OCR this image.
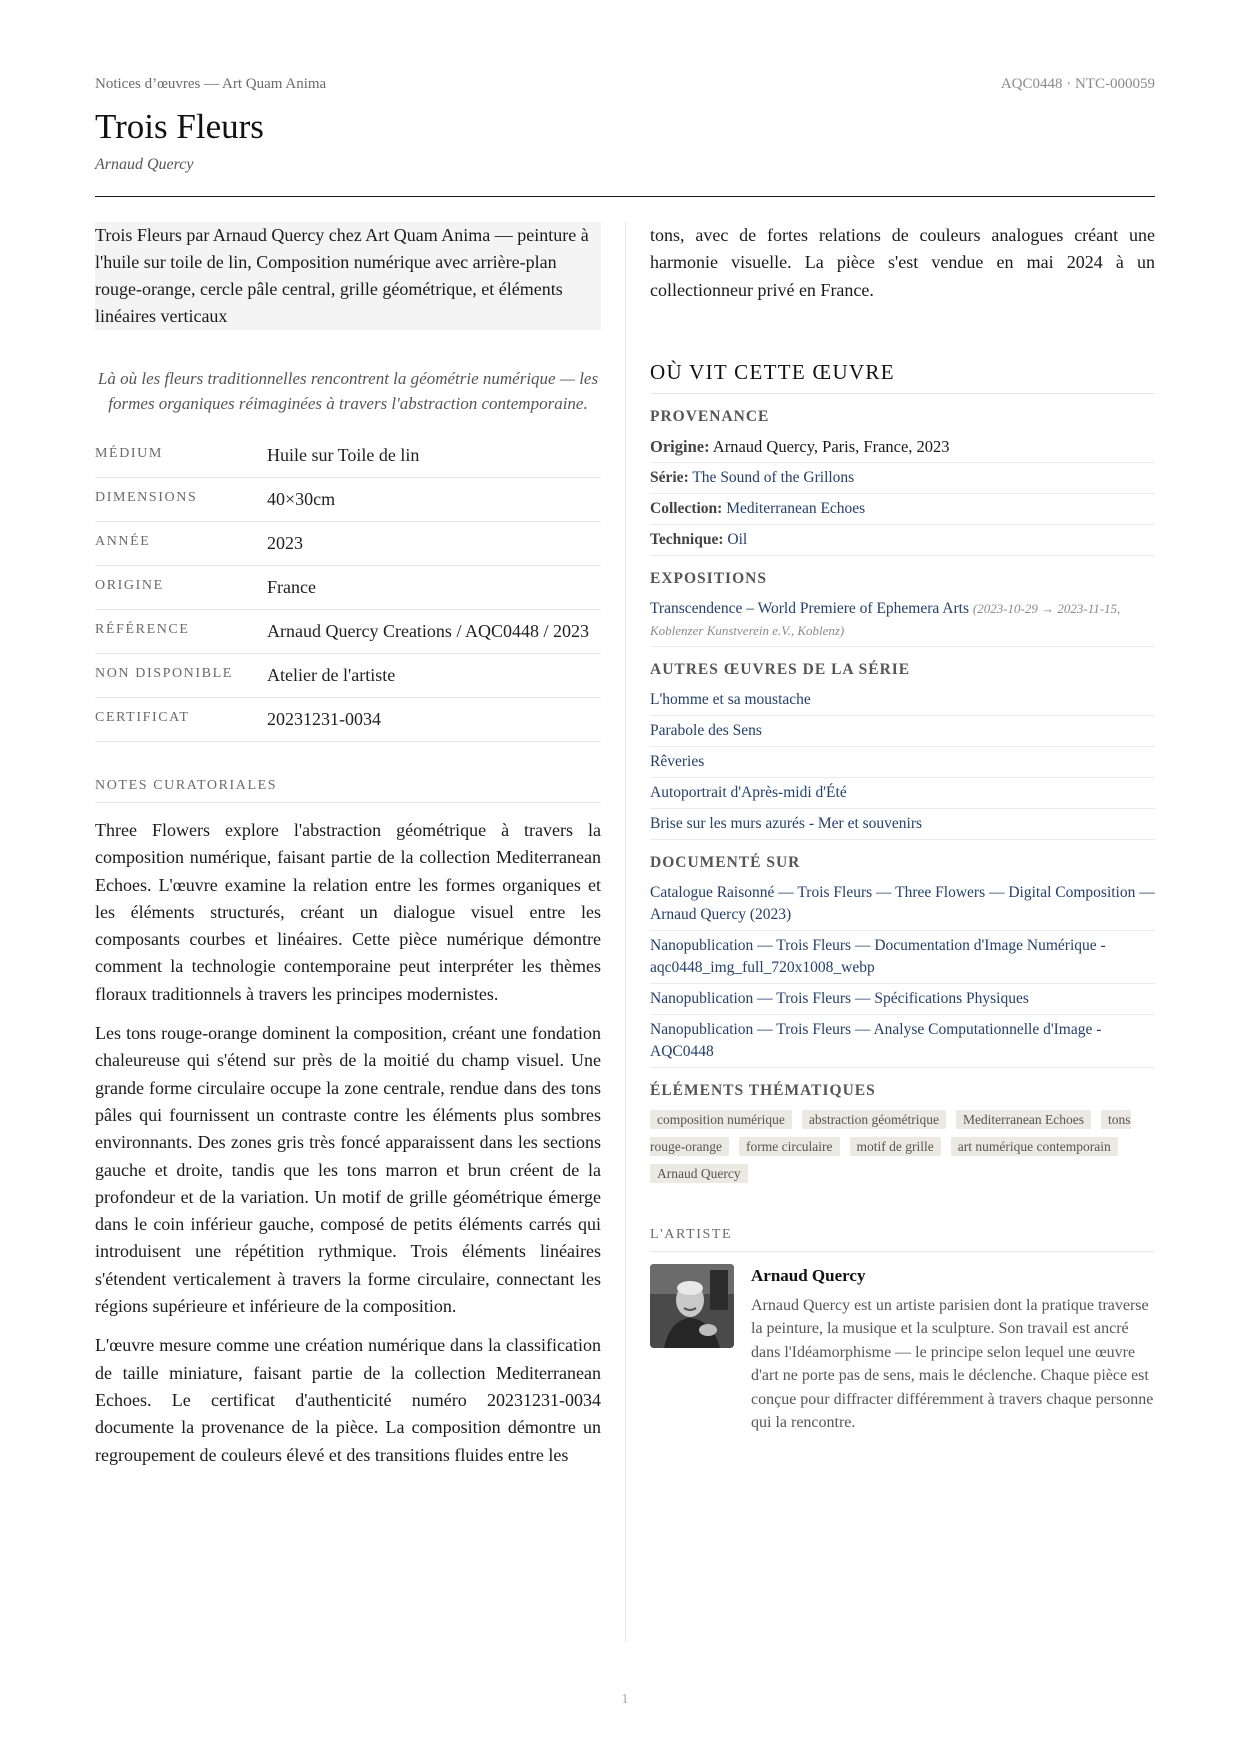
Notices d’œuvres — Art Quam Anima	AQC0448 · NTC-000059
Trois Fleurs
Arnaud Quercy

Trois Fleurs par Arnaud Quercy chez Art Quam Anima — peinture à l'huile sur toile de lin, Composition numérique avec arrière-plan rouge-orange, cercle pâle central, grille géométrique, et éléments linéaires verticaux

Là où les fleurs traditionnelles rencontrent la géométrie numérique — les formes organiques réimaginées à travers l'abstraction contemporaine.
MÉDIUM	Huile sur Toile de lin
DIMENSIONS	40×30cm
ANNÉE	2023
ORIGINE	France
RÉFÉRENCE	Arnaud Quercy Creations / AQC0448 / 2023
NON DISPONIBLE	Atelier de l'artiste
CERTIFICAT	20231231-0034
NOTES CURATORIALES

Three Flowers explore l'abstraction géométrique à travers la composition numérique, faisant partie de la collection Mediterranean Echoes. L'œuvre examine la relation entre les formes organiques et les éléments structurés, créant un dialogue visuel entre les composants courbes et linéaires. Cette pièce numérique démontre comment la technologie contemporaine peut interpréter les thèmes floraux traditionnels à travers les principes modernistes.

Les tons rouge-orange dominent la composition, créant une fondation chaleureuse qui s'étend sur près de la moitié du champ visuel. Une grande forme circulaire occupe la zone centrale, rendue dans des tons pâles qui fournissent un contraste contre les éléments plus sombres environnants. Des zones gris très foncé apparaissent dans les sections gauche et droite, tandis que les tons marron et brun créent de la profondeur et de la variation. Un motif de grille géométrique émerge dans le coin inférieur gauche, composé de petits éléments carrés qui introduisent une répétition rythmique. Trois éléments linéaires s'étendent verticalement à travers la forme circulaire, connectant les régions supérieure et inférieure de la composition.

L'œuvre mesure comme une création numérique dans la classification de taille miniature, faisant partie de la collection Mediterranean Echoes. Le certificat d'authenticité numéro 20231231-0034 documente la provenance de la pièce. La composition démontre un regroupement de couleurs élevé et des transitions fluides entre les

tons, avec de fortes relations de couleurs analogues créant une harmonie visuelle. La pièce s'est vendue en mai 2024 à un collectionneur privé en France.

OÙ VIT CETTE ŒUVRE
PROVENANCE
Origine: Arnaud Quercy, Paris, France, 2023
Série: The Sound of the Grillons
Collection: Mediterranean Echoes
Technique: Oil
EXPOSITIONS
Transcendence – World Premiere of Ephemera Arts (2023-10-29 → 2023-11-15, Koblenzer Kunstverein e.V., Koblenz)
AUTRES ŒUVRES DE LA SÉRIE
L'homme et sa moustache
Parabole des Sens
Rêveries
Autoportrait d'Après-midi d'Été
Brise sur les murs azurés - Mer et souvenirs
DOCUMENTÉ SUR
Catalogue Raisonné — Trois Fleurs — Three Flowers — Digital Composition — Arnaud Quercy (2023)
Nanopublication — Trois Fleurs — Documentation d'Image Numérique - aqc0448_img_full_720x1008_webp
Nanopublication — Trois Fleurs — Spécifications Physiques
Nanopublication — Trois Fleurs — Analyse Computationnelle d'Image - AQC0448
ÉLÉMENTS THÉMATIQUES
composition numérique abstraction géométrique Mediterranean Echoes tons rouge-orange forme circulaire motif de grille art numérique contemporain Arnaud Quercy
L'ARTISTE
Arnaud Quercy

Arnaud Quercy est un artiste parisien dont la pratique traverse la peinture, la musique et la sculpture. Son travail est ancré dans l'Idéamorphisme — le principe selon lequel une œuvre d'art ne porte pas de sens, mais le déclenche. Chaque pièce est conçue pour diffracter différemment à travers chaque personne qui la rencontre.

1
